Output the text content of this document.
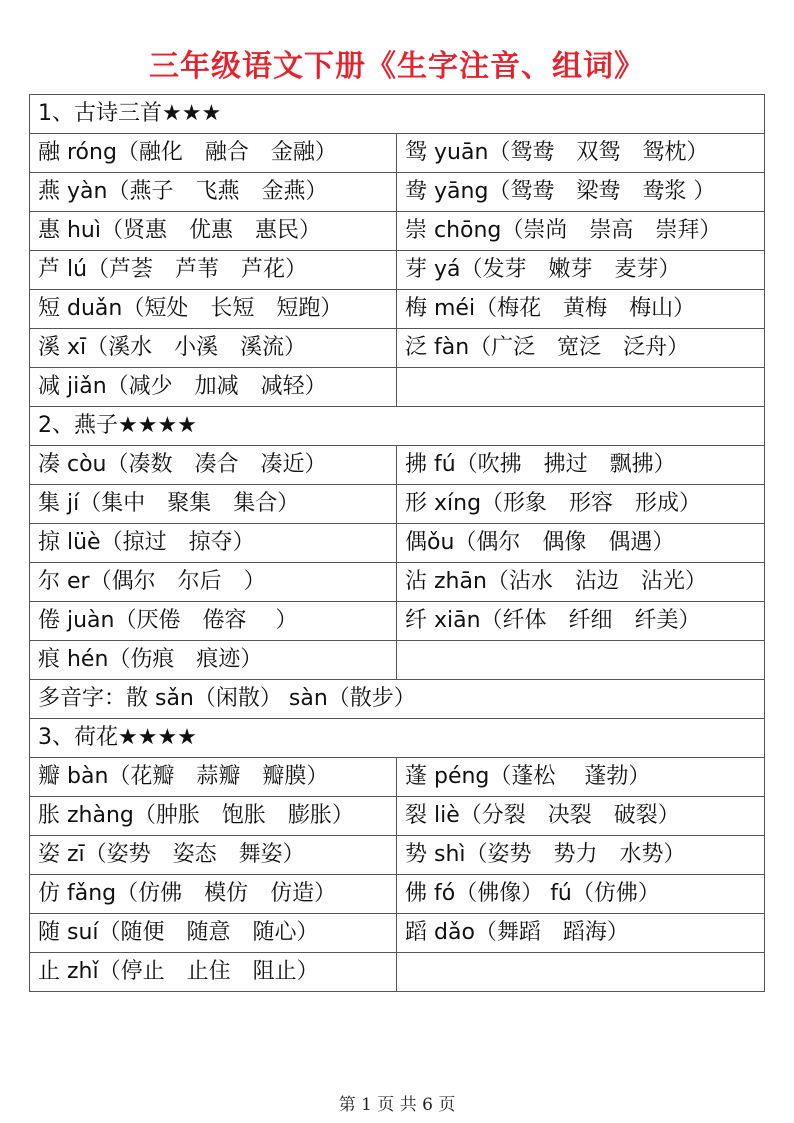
三年级语文下册《生字注音、组词》
1、古诗三首★★★	
融 róng（融化　融合　金融）	鸳 yuān（鸳鸯　双鸳　鸳枕）
燕 yàn（燕子　飞燕　金燕）	鸯 yāng（鸳鸯　梁鸯　鸯浆 ）
惠 huì（贤惠　优惠　惠民）	崇 chōng（崇尚　崇高　崇拜）
芦 lú（芦荟　芦苇　芦花）	芽 yá（发芽　嫩芽　麦芽）
短 duǎn（短处　长短　短跑）	梅 méi（梅花　黄梅　梅山）
溪 xī（溪水　小溪　溪流）	泛 fàn（广泛　宽泛　泛舟）
减 jiǎn（减少　加减　减轻）	
2、燕子★★★★	
凑 còu（凑数　凑合　凑近）	拂 fú（吹拂　拂过　飘拂）
集 jí（集中　聚集　集合）	形 xíng（形象　形容　形成）
掠 lüè（掠过　掠夺）	偶ǒu（偶尔　偶像　偶遇）
尔 er（偶尔　尔后　）	沾 zhān（沾水　沾边　沾光）
倦 juàn（厌倦　倦容　 ）	纤 xiān（纤体　纤细　纤美）
痕 hén（伤痕　痕迹）	
多音字：散 sǎn（闲散） sàn（散步）	
3、荷花★★★★	
瓣 bàn（花瓣　蒜瓣　瓣膜）	蓬 péng（蓬松　 蓬勃）
胀 zhàng（肿胀　饱胀　膨胀）	裂 liè（分裂　决裂　破裂）
姿 zī（姿势　姿态　舞姿）	势 shì（姿势　势力　水势）
仿 fǎng（仿佛　模仿　仿造）	佛 fó（佛像） fú（仿佛）
随 suí（随便　随意　随心）	蹈 dǎo（舞蹈　蹈海）
止 zhǐ（停止　止住　阻止）	
第 1 页 共 6 页
